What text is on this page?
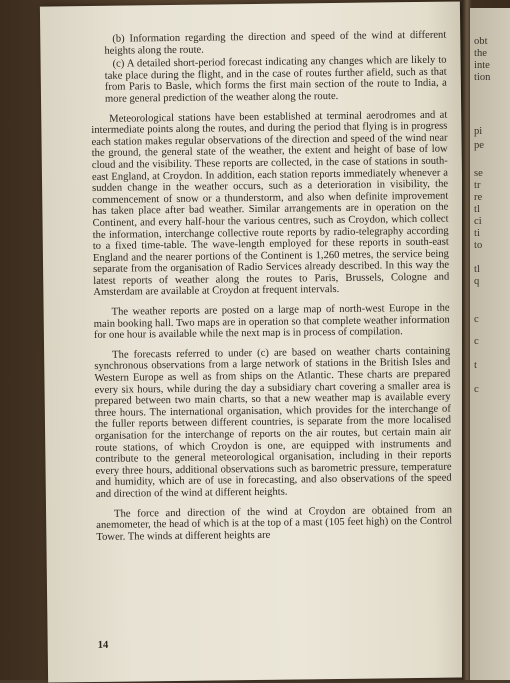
(b) Information regarding the direction and speed of the wind at different heights along the route.

(c) A detailed short-period forecast indicating any changes which are likely to take place during the flight, and in the case of routes further afield, such as that from Paris to Basle, which forms the first main section of the route to India, a more general prediction of the weather along the route.

Meteorological stations have been established at terminal aerodromes and at intermediate points along the routes, and during the period that flying is in progress each station makes regular observations of the direction and speed of the wind near the ground, the general state of the weather, the extent and height of base of low cloud and the visibility. These reports are collected, in the case of stations in south-east England, at Croydon. In addition, each station reports immediately whenever a sudden change in the weather occurs, such as a deterioration in visibility, the commencement of snow or a thunderstorm, and also when definite improvement has taken place after bad weather. Similar arrangements are in operation on the Continent, and every half-hour the various centres, such as Croydon, which collect the information, interchange collective route reports by radio-telegraphy according to a fixed time-table. The wave-length employed for these reports in south-east England and the nearer portions of the Continent is 1,260 metres, the service being separate from the organisation of Radio Services already described. In this way the latest reports of weather along the routes to Paris, Brussels, Cologne and Amsterdam are available at Croydon at frequent intervals.

The weather reports are posted on a large map of north-west Europe in the main booking hall. Two maps are in operation so that complete weather information for one hour is available while the next map is in process of compilation.

The forecasts referred to under (c) are based on weather charts containing synchronous observations from a large network of stations in the British Isles and Western Europe as well as from ships on the Atlantic. These charts are prepared every six hours, while during the day a subsidiary chart covering a smaller area is prepared between two main charts, so that a new weather map is available every three hours. The international organisation, which provides for the interchange of the fuller reports between different countries, is separate from the more localised organisation for the interchange of reports on the air routes, but certain main air route stations, of which Croydon is one, are equipped with instruments and contribute to the general meteorological organisation, including in their reports every three hours, additional observations such as barometric pressure, temperature and humidity, which are of use in forecasting, and also observations of the speed and direction of the wind at different heights.

The force and direction of the wind at Croydon are obtained from an anemometer, the head of which is at the top of a mast (105 feet high) on the Control Tower. The winds at different heights are

14
obt
the
inte
tion
pi
pe
se
tr
re
tl
ci
ti
to
tl
q
c
c
t
c
